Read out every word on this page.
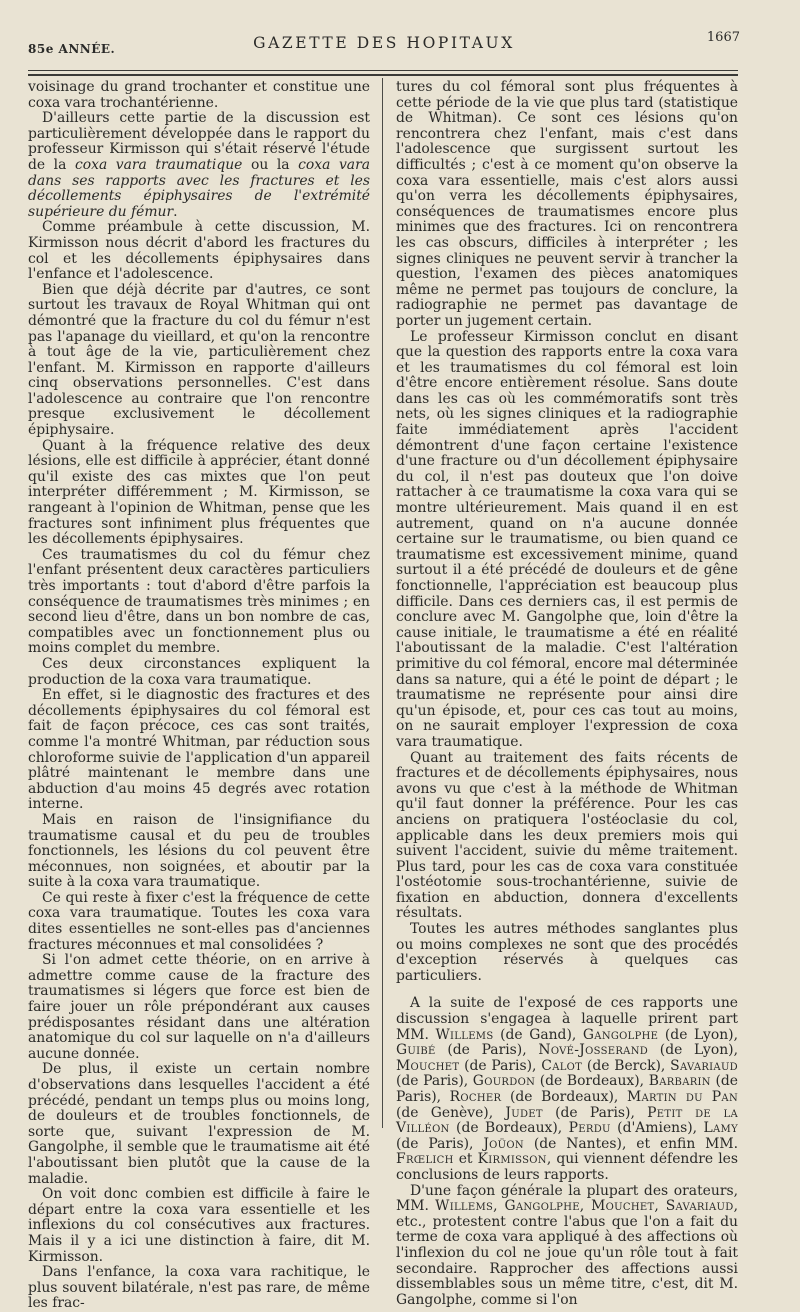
85e ANNÉE.	GAZETTE DES HOPITAUX	1667

voisinage du grand trochanter et constitue une coxa vara trochantérienne.

D'ailleurs cette partie de la discussion est particulièrement développée dans le rapport du professeur Kirmisson qui s'était réservé l'étude de la coxa vara traumatique ou la coxa vara dans ses rapports avec les fractures et les décollements épiphysaires de l'extrémité supérieure du fémur.

Comme préambule à cette discussion, M. Kirmisson nous décrit d'abord les fractures du col et les décollements épiphysaires dans l'enfance et l'adolescence.

Bien que déjà décrite par d'autres, ce sont surtout les travaux de Royal Whitman qui ont démontré que la fracture du col du fémur n'est pas l'apanage du vieillard, et qu'on la rencontre à tout âge de la vie, particulièrement chez l'enfant. M. Kirmisson en rapporte d'ailleurs cinq observations personnelles. C'est dans l'adolescence au contraire que l'on rencontre presque exclusivement le décollement épiphysaire.

Quant à la fréquence relative des deux lésions, elle est difficile à apprécier, étant donné qu'il existe des cas mixtes que l'on peut interpréter différemment ; M. Kirmisson, se rangeant à l'opinion de Whitman, pense que les fractures sont infiniment plus fréquentes que les décollements épiphysaires.

Ces traumatismes du col du fémur chez l'enfant présentent deux caractères particuliers très importants : tout d'abord d'être parfois la conséquence de traumatismes très minimes ; en second lieu d'être, dans un bon nombre de cas, compatibles avec un fonctionnement plus ou moins complet du membre.

Ces deux circonstances expliquent la production de la coxa vara traumatique.

En effet, si le diagnostic des fractures et des décollements épiphysaires du col fémoral est fait de façon précoce, ces cas sont traités, comme l'a montré Whitman, par réduction sous chloroforme suivie de l'application d'un appareil plâtré maintenant le membre dans une abduction d'au moins 45 degrés avec rotation interne.

Mais en raison de l'insignifiance du traumatisme causal et du peu de troubles fonctionnels, les lésions du col peuvent être méconnues, non soignées, et aboutir par la suite à la coxa vara traumatique.

Ce qui reste à fixer c'est la fréquence de cette coxa vara traumatique. Toutes les coxa vara dites essentielles ne sont-elles pas d'anciennes fractures méconnues et mal consolidées ?

Si l'on admet cette théorie, on en arrive à admettre comme cause de la fracture des traumatismes si légers que force est bien de faire jouer un rôle prépondérant aux causes prédisposantes résidant dans une altération anatomique du col sur laquelle on n'a d'ailleurs aucune donnée.

De plus, il existe un certain nombre d'observations dans lesquelles l'accident a été précédé, pendant un temps plus ou moins long, de douleurs et de troubles fonctionnels, de sorte que, suivant l'expression de M. Gangolphe, il semble que le traumatisme ait été l'aboutissant bien plutôt que la cause de la maladie.

On voit donc combien est difficile à faire le départ entre la coxa vara essentielle et les inflexions du col consécutives aux fractures. Mais il y a ici une distinction à faire, dit M. Kirmisson.

Dans l'enfance, la coxa vara rachitique, le plus souvent bilatérale, n'est pas rare, de même les frac-

tures du col fémoral sont plus fréquentes à cette période de la vie que plus tard (statistique de Whitman). Ce sont ces lésions qu'on rencontrera chez l'enfant, mais c'est dans l'adolescence que surgissent surtout les difficultés ; c'est à ce moment qu'on observe la coxa vara essentielle, mais c'est alors aussi qu'on verra les décollements épiphysaires, conséquences de traumatismes encore plus minimes que des fractures. Ici on rencontrera les cas obscurs, difficiles à interpréter ; les signes cliniques ne peuvent servir à trancher la question, l'examen des pièces anatomiques même ne permet pas toujours de conclure, la radiographie ne permet pas davantage de porter un jugement certain.

Le professeur Kirmisson conclut en disant que la question des rapports entre la coxa vara et les traumatismes du col fémoral est loin d'être encore entièrement résolue. Sans doute dans les cas où les commémoratifs sont très nets, où les signes cliniques et la radiographie faite immédiatement après l'accident démontrent d'une façon certaine l'existence d'une fracture ou d'un décollement épiphysaire du col, il n'est pas douteux que l'on doive rattacher à ce traumatisme la coxa vara qui se montre ultérieurement. Mais quand il en est autrement, quand on n'a aucune donnée certaine sur le traumatisme, ou bien quand ce traumatisme est excessivement minime, quand surtout il a été précédé de douleurs et de gêne fonctionnelle, l'appréciation est beaucoup plus difficile. Dans ces derniers cas, il est permis de conclure avec M. Gangolphe que, loin d'être la cause initiale, le traumatisme a été en réalité l'aboutissant de la maladie. C'est l'altération primitive du col fémoral, encore mal déterminée dans sa nature, qui a été le point de départ ; le traumatisme ne représente pour ainsi dire qu'un épisode, et, pour ces cas tout au moins, on ne saurait employer l'expression de coxa vara traumatique.

Quant au traitement des faits récents de fractures et de décollements épiphysaires, nous avons vu que c'est à la méthode de Whitman qu'il faut donner la préférence. Pour les cas anciens on pratiquera l'ostéoclasie du col, applicable dans les deux premiers mois qui suivent l'accident, suivie du même traitement. Plus tard, pour les cas de coxa vara constituée l'ostéotomie sous-trochantérienne, suivie de fixation en abduction, donnera d'excellents résultats.

Toutes les autres méthodes sanglantes plus ou moins complexes ne sont que des procédés d'exception réservés à quelques cas particuliers.

A la suite de l'exposé de ces rapports une discussion s'engagea à laquelle prirent part MM. Willems (de Gand), Gangolphe (de Lyon), Guibé (de Paris), Nové-Josserand (de Lyon), Mouchet (de Paris), Calot (de Berck), Savariaud (de Paris), Gourdon (de Bordeaux), Barbarin (de Paris), Rocher (de Bordeaux), Martin du Pan (de Genève), Judet (de Paris), Petit de la Villéon (de Bordeaux), Perdu (d'Amiens), Lamy (de Paris), Joüon (de Nantes), et enfin MM. Frœlich et Kirmisson, qui viennent défendre les conclusions de leurs rapports.

D'une façon générale la plupart des orateurs, MM. Willems, Gangolphe, Mouchet, Savariaud, etc., protestent contre l'abus que l'on a fait du terme de coxa vara appliqué à des affections où l'inflexion du col ne joue qu'un rôle tout à fait secondaire. Rapprocher des affections aussi dissemblables sous un même titre, c'est, dit M. Gangolphe, comme si l'on
